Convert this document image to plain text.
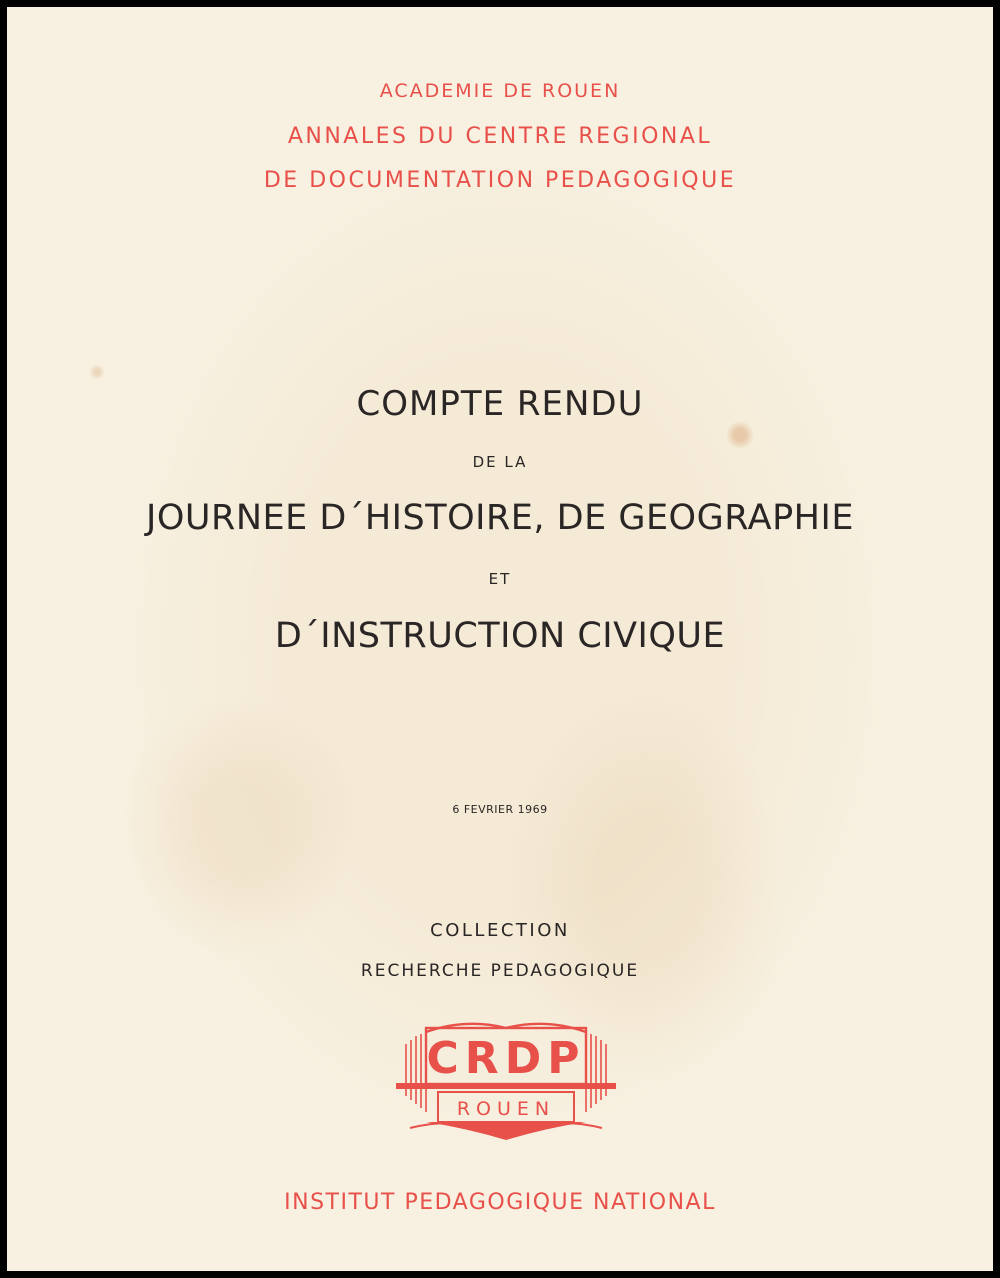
ACADEMIE DE ROUEN
ANNALES DU CENTRE REGIONAL
DE DOCUMENTATION PEDAGOGIQUE
COMPTE RENDU
DE LA
JOURNEE D´HISTOIRE, DE GEOGRAPHIE
ET
D´INSTRUCTION CIVIQUE
6 FEVRIER 1969
COLLECTION
RECHERCHE PEDAGOGIQUE
CRDP
ROUEN
INSTITUT PEDAGOGIQUE NATIONAL
